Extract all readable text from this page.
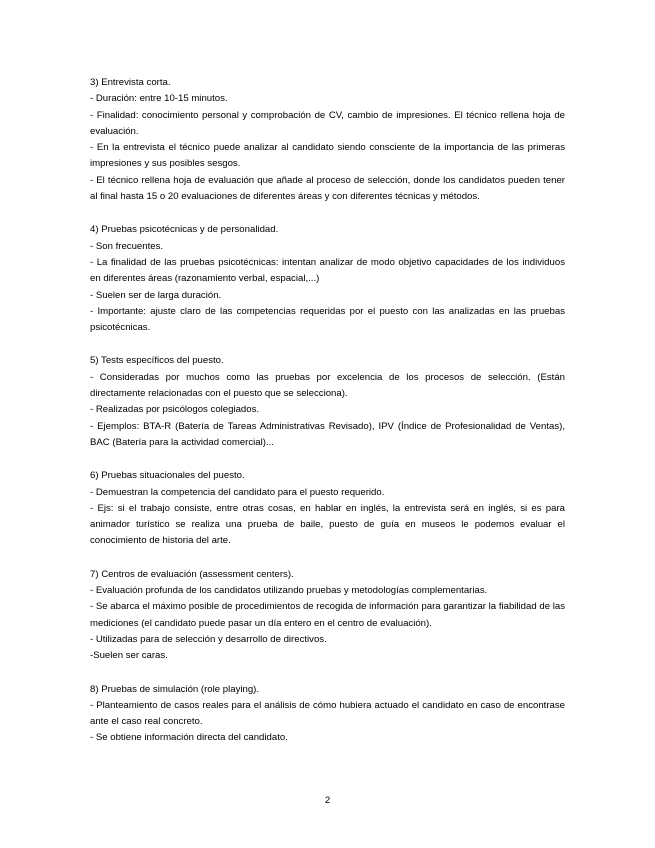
3) Entrevista corta.

- Duración: entre 10-15 minutos.

- Finalidad: conocimiento personal y comprobación de CV, cambio de impresiones. El técnico rellena hoja de evaluación.

- En la entrevista el técnico puede analizar al candidato siendo consciente de la importancia de las primeras impresiones y sus posibles sesgos.

- El técnico rellena hoja de evaluación que añade al proceso de selección, donde los candidatos pueden tener al final hasta 15 o 20 evaluaciones de diferentes áreas y con diferentes técnicas y métodos.

4) Pruebas psicotécnicas y de personalidad.

- Son frecuentes.

- La finalidad de las pruebas psicotécnicas: intentan analizar de modo objetivo capacidades de los individuos en diferentes áreas (razonamiento verbal, espacial,...)

- Suelen ser de larga duración.

- Importante: ajuste claro de las competencias requeridas por el puesto con las analizadas en las pruebas psicotécnicas.

5) Tests específicos del puesto.

- Consideradas por muchos como las pruebas por excelencia de los procesos de selección. (Están directamente relacionadas con el puesto que se selecciona).

- Realizadas por psicólogos colegiados.

- Ejemplos: BTA-R (Batería de Tareas Administrativas Revisado), IPV (Índice de Profesionalidad de Ventas), BAC (Batería para la actividad comercial)...

6) Pruebas situacionales del puesto.

- Demuestran la competencia del candidato para el puesto requerido.

- Ejs: si el trabajo consiste, entre otras cosas, en hablar en inglés, la entrevista será en inglés, si es para animador turístico se realiza una prueba de baile, puesto de guía en museos le podemos evaluar el conocimiento de historia del arte.

7) Centros de evaluación (assessment centers).

- Evaluación profunda de los candidatos utilizando pruebas y metodologías complementarias.

- Se abarca el máximo posible de procedimientos de recogida de información para garantizar la fiabilidad de las mediciones (el candidato puede pasar un día entero en el centro de evaluación).

- Utilizadas para de selección y desarrollo de directivos.

-Suelen ser caras.

8) Pruebas de simulación (role playing).

- Planteamiento de casos reales para el análisis de cómo hubiera actuado el candidato en caso de encontrase ante el caso real concreto.

- Se obtiene información directa del candidato.

2
